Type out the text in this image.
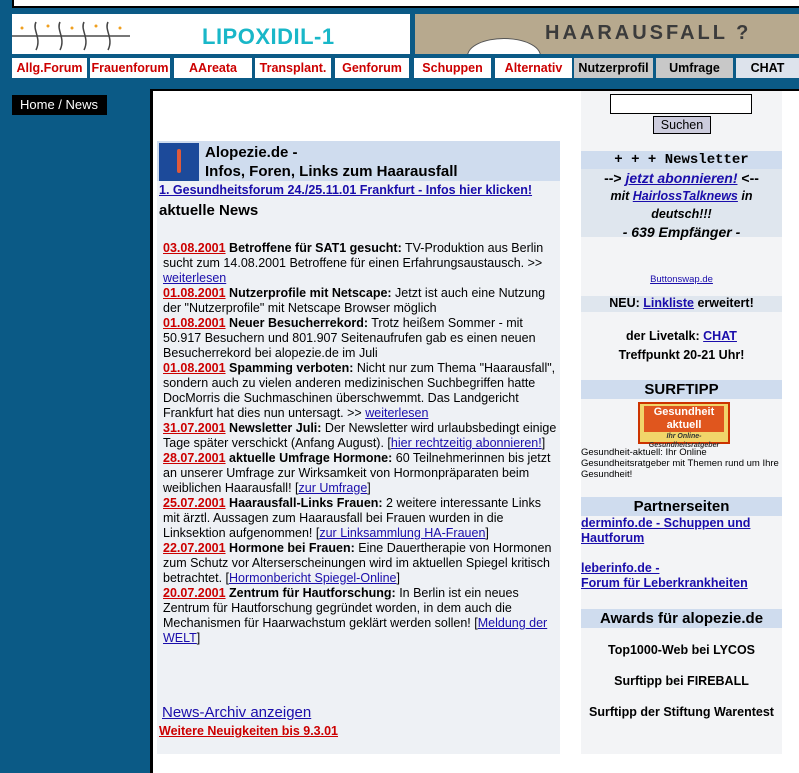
LIPOXIDIL-1	HAARAUSFALL ?
Allg.Forum Frauenforum	AAreata	Transplant.	Genforum	Schuppen	Alternativ	Nutzerprofil	Umfrage	CHAT
Home / News
Alopezie.de -
Infos, Foren, Links zum Haarausfall
1. Gesundheitsforum 24./25.11.01 Frankfurt - Infos hier klicken!
aktuelle News

03.08.2001 Betroffene für SAT1 gesucht: TV-Produktion aus Berlin sucht zum 14.08.2001 Betroffene für einen Erfahrungsaustausch. >> weiterlesen

01.08.2001 Nutzerprofile mit Netscape: Jetzt ist auch eine Nutzung der "Nutzerprofile" mit Netscape Browser möglich

01.08.2001 Neuer Besucherrekord: Trotz heißem Sommer - mit 50.917 Besuchern und 801.907 Seitenaufrufen gab es einen neuen Besucherrekord bei alopezie.de im Juli

01.08.2001 Spamming verboten: Nicht nur zum Thema "Haarausfall", sondern auch zu vielen anderen medizinischen Suchbegriffen hatte DocMorris die Suchmaschinen überschwemmt. Das Landgericht Frankfurt hat dies nun untersagt. >> weiterlesen

31.07.2001 Newsletter Juli: Der Newsletter wird urlaubsbedingt einige Tage später verschickt (Anfang August). [hier rechtzeitig abonnieren!]

28.07.2001 aktuelle Umfrage Hormone: 60 Teilnehmerinnen bis jetzt an unserer Umfrage zur Wirksamkeit von Hormonpräparaten beim weiblichen Haarausfall! [zur Umfrage]

25.07.2001 Haarausfall-Links Frauen: 2 weitere interessante Links mit ärztl. Aussagen zum Haarausfall bei Frauen wurden in die Linksektion aufgenommen! [zur Linksammlung HA-Frauen]

22.07.2001 Hormone bei Frauen: Eine Dauertherapie von Hormonen zum Schutz vor Alterserscheinungen wird im aktuellen Spiegel kritisch betrachtet. [Hormonbericht Spiegel-Online]

20.07.2001 Zentrum für Hautforschung: In Berlin ist ein neues Zentrum für Hautforschung gegründet worden, in dem auch die Mechanismen für Haarwachstum geklärt werden sollen! [Meldung der WELT]

News-Archiv anzeigen
Weitere Neuigkeiten bis 9.3.01
Suchen
+ + + Newsletter
--> jetzt abonnieren! <--
mit HairlossTalknews in
deutsch!!!
- 639 Empfänger -
Buttonswap.de
NEU: Linkliste erweitert!
der Livetalk: CHAT
Treffpunkt 20-21 Uhr!
SURFTIPP
Gesundheit aktuell
Ihr Online-Gesundheitsratgeber
Gesundheit-aktuell: Ihr Online Gesundheitsratgeber mit Themen rund um Ihre Gesundheit!
Partnerseiten
derminfo.de - Schuppen und Hautforum
leberinfo.de -
Forum für Leberkrankheiten
Awards für alopezie.de
Top1000-Web bei LYCOS
Surftipp bei FIREBALL
Surftipp der Stiftung Warentest
